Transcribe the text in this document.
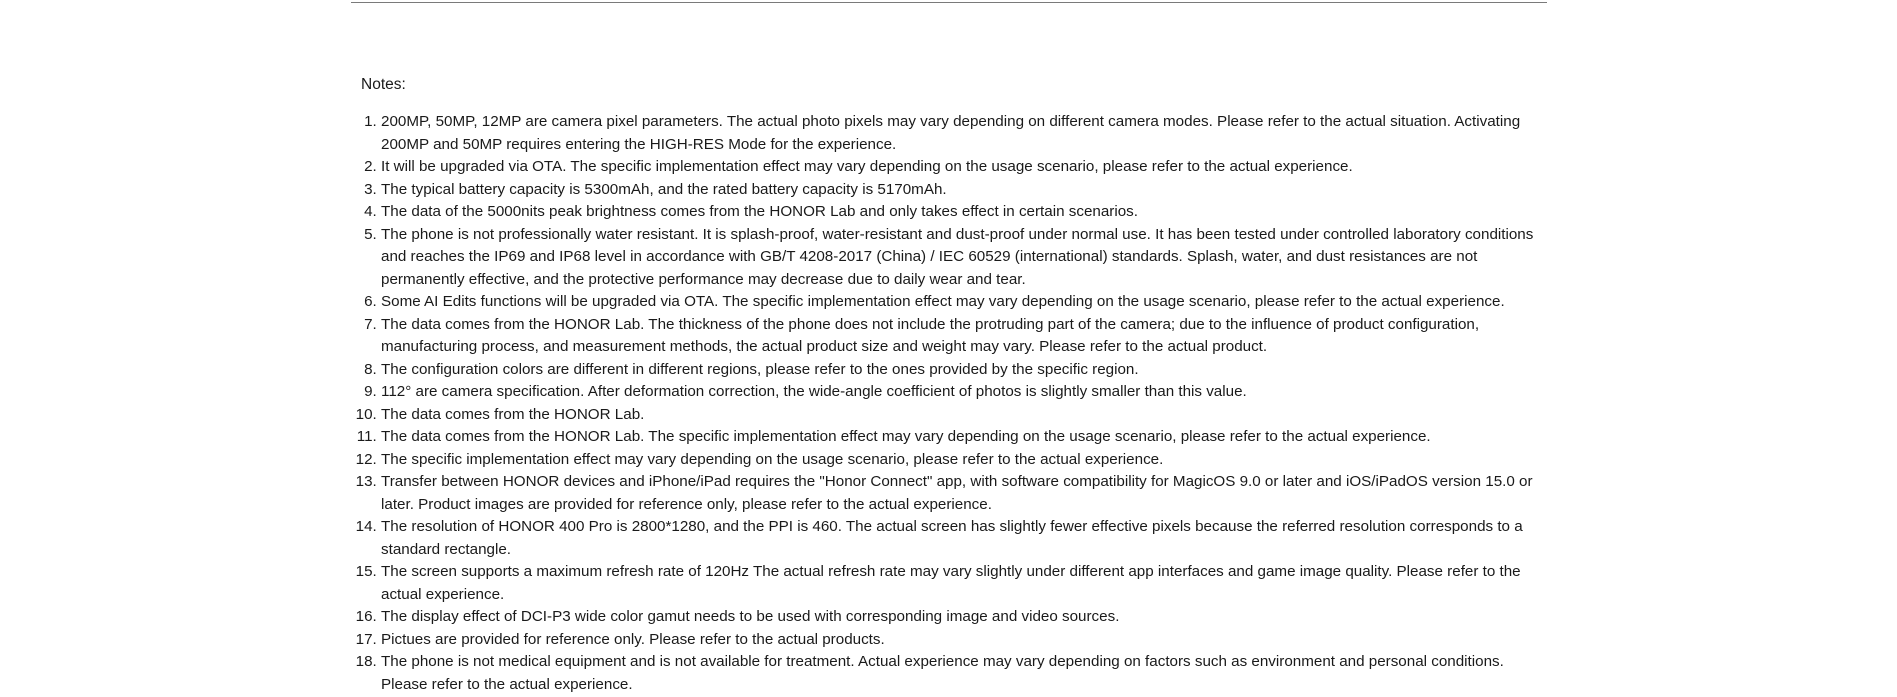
Notes:

1. 200MP, 50MP, 12MP are camera pixel parameters. The actual photo pixels may vary depending on different camera modes. Please refer to the actual situation. Activating 200MP and 50MP requires entering the HIGH-RES Mode for the experience.
2. It will be upgraded via OTA. The specific implementation effect may vary depending on the usage scenario, please refer to the actual experience.
3. The typical battery capacity is 5300mAh, and the rated battery capacity is 5170mAh.
4. The data of the 5000nits peak brightness comes from the HONOR Lab and only takes effect in certain scenarios.
5. The phone is not professionally water resistant. It is splash-proof, water-resistant and dust-proof under normal use. It has been tested under controlled laboratory conditions and reaches the IP69 and IP68 level in accordance with GB/T 4208-2017 (China) / IEC 60529 (international) standards. Splash, water, and dust resistances are not permanently effective, and the protective performance may decrease due to daily wear and tear.
6. Some AI Edits functions will be upgraded via OTA. The specific implementation effect may vary depending on the usage scenario, please refer to the actual experience.
7. The data comes from the HONOR Lab. The thickness of the phone does not include the protruding part of the camera; due to the influence of product configuration, manufacturing process, and measurement methods, the actual product size and weight may vary. Please refer to the actual product.
8. The configuration colors are different in different regions, please refer to the ones provided by the specific region.
9. 112° are camera specification. After deformation correction, the wide-angle coefficient of photos is slightly smaller than this value.
10. The data comes from the HONOR Lab.
11. The data comes from the HONOR Lab. The specific implementation effect may vary depending on the usage scenario, please refer to the actual experience.
12. The specific implementation effect may vary depending on the usage scenario, please refer to the actual experience.
13. Transfer between HONOR devices and iPhone/iPad requires the "Honor Connect" app, with software compatibility for MagicOS 9.0 or later and iOS/iPadOS version 15.0 or later. Product images are provided for reference only, please refer to the actual experience.
14. The resolution of HONOR 400 Pro is 2800*1280, and the PPI is 460. The actual screen has slightly fewer effective pixels because the referred resolution corresponds to a standard rectangle.
15. The screen supports a maximum refresh rate of 120Hz The actual refresh rate may vary slightly under different app interfaces and game image quality. Please refer to the actual experience.
16. The display effect of DCI-P3 wide color gamut needs to be used with corresponding image and video sources.
17. Pictues are provided for reference only. Please refer to the actual products.
18. The phone is not medical equipment and is not available for treatment. Actual experience may vary depending on factors such as environment and personal conditions. Please refer to the actual experience.
